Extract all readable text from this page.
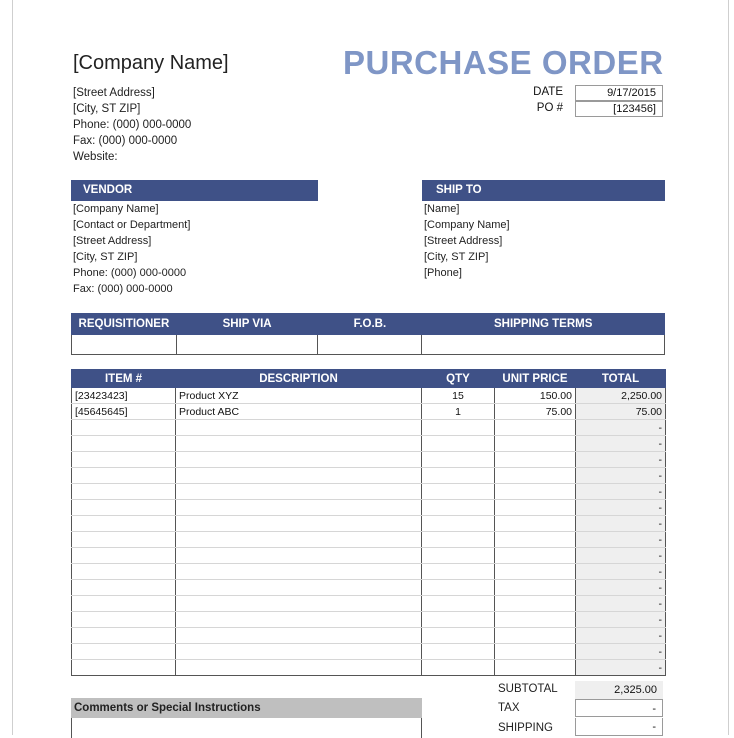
[Company Name]	PURCHASE ORDER
[Street Address]
[City, ST ZIP]
Phone: (000) 000-0000
Fax: (000) 000-0000
Website:
DATE	9/17/2015
PO #	[123456]
VENDOR
[Company Name]
[Contact or Department]
[Street Address]
[City, ST ZIP]
Phone: (000) 000-0000
Fax: (000) 000-0000
SHIP TO
[Name]
[Company Name]
[Street Address]
[City, ST ZIP]
[Phone]
REQUISITIONER	SHIP VIA	F.O.B.	SHIPPING TERMS

ITEM #	DESCRIPTION	QTY	UNIT PRICE	TOTAL
[23423423]	Product XYZ	15	150.00	2,250.00
[45645645]	Product ABC	1	75.00	75.00
				-
				-
				-
				-
				-
				-
				-
				-
				-
				-
				-
				-
				-
				-
				-
				-
SUBTOTAL	2,325.00
TAX	-
SHIPPING	-
Comments or Special Instructions
